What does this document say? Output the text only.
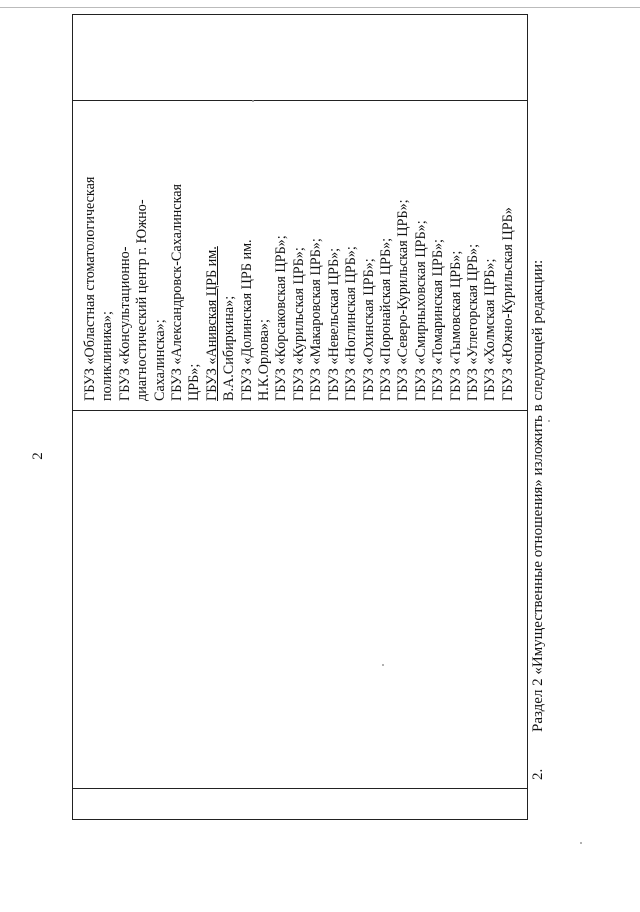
2
ГБУЗ «Областная стоматологическая поликлиника»; ГБУЗ «Консультационно- диагностический центр г. Южно- Сахалинска»; ГБУЗ «Александровск-Сахалинская ЦРБ»; ГБУЗ «Анивская ЦРБ им. В.А.Сибиркина»; ГБУЗ «Долинская ЦРБ им. Н.К.Орлова»; ГБУЗ «Корсаковская ЦРБ»; ГБУЗ «Курильская ЦРБ»; ГБУЗ «Макаровская ЦРБ»; ГБУЗ «Невельская ЦРБ»; ГБУЗ «Ноглинская ЦРБ»; ГБУЗ «Охинская ЦРБ»; ГБУЗ «Поронайская ЦРБ»; ГБУЗ «Северо-Курильская ЦРБ»; ГБУЗ «Смирныховская ЦРБ»; ГБУЗ «Томаринская ЦРБ»; ГБУЗ «Тымовская ЦРБ»; ГБУЗ «Углегорская ЦРБ»; ГБУЗ «Холмская ЦРБ»; ГБУЗ «Южно-Курильская ЦРБ»
2.Раздел 2 «Имущественные отношения» изложить в следующей редакции:
